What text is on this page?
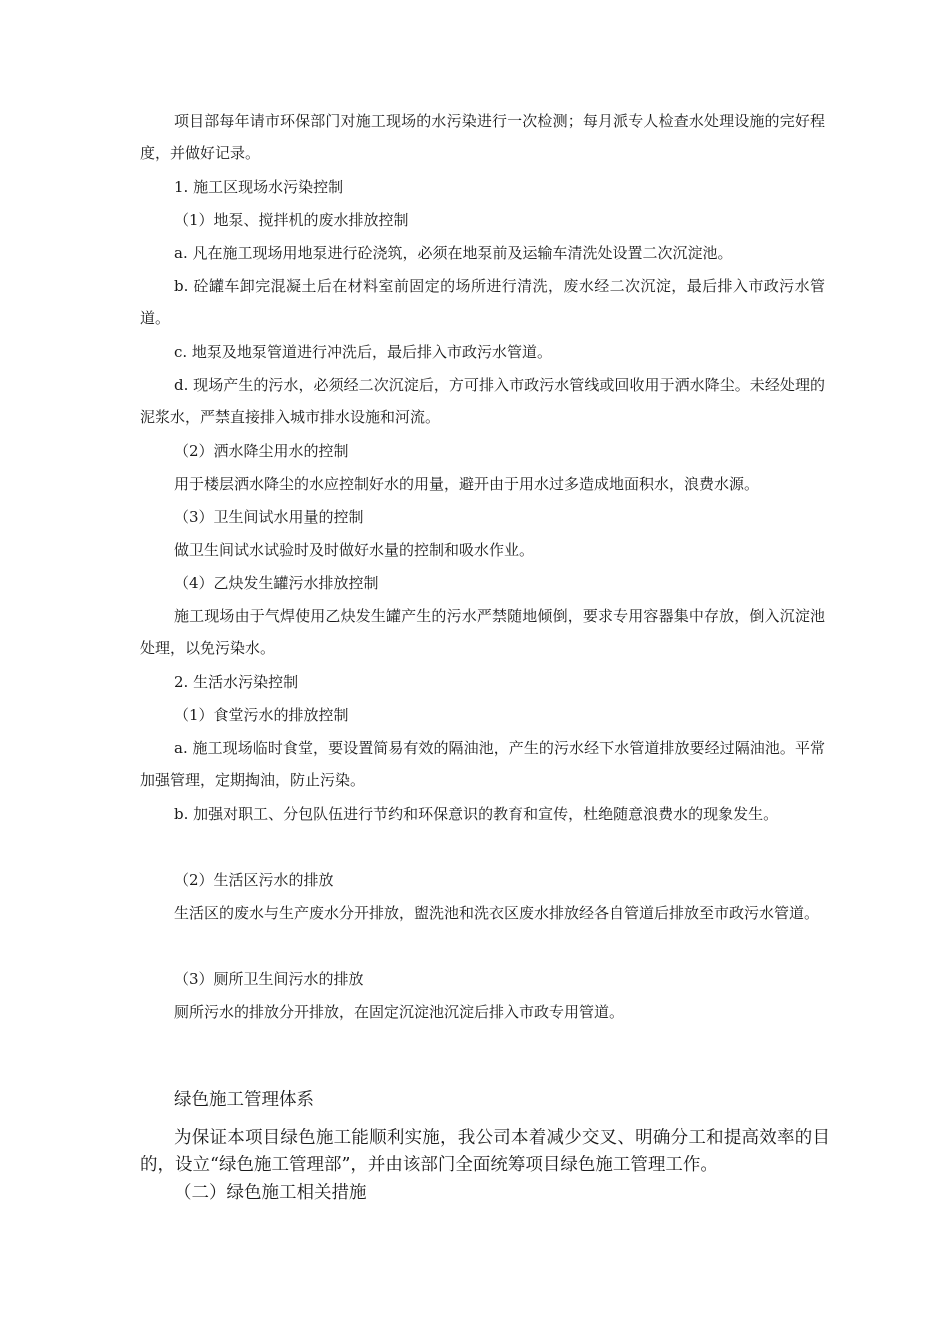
项目部每年请市环保部门对施工现场的水污染进行一次检测；每月派专人检查水处理设施的完好程度，并做好记录。

1. 施工区现场水污染控制

（1）地泵、搅拌机的废水排放控制

a. 凡在施工现场用地泵进行砼浇筑，必须在地泵前及运输车清洗处设置二次沉淀池。

b. 砼罐车卸完混凝土后在材料室前固定的场所进行清洗，废水经二次沉淀，最后排入市政污水管道。

c. 地泵及地泵管道进行冲洗后，最后排入市政污水管道。

d. 现场产生的污水，必须经二次沉淀后，方可排入市政污水管线或回收用于洒水降尘。未经处理的泥浆水，严禁直接排入城市排水设施和河流。

（2）洒水降尘用水的控制

用于楼层洒水降尘的水应控制好水的用量，避开由于用水过多造成地面积水，浪费水源。

（3）卫生间试水用量的控制

做卫生间试水试验时及时做好水量的控制和吸水作业。

（4）乙炔发生罐污水排放控制

施工现场由于气焊使用乙炔发生罐产生的污水严禁随地倾倒，要求专用容器集中存放，倒入沉淀池处理，以免污染水。

2. 生活水污染控制

（1）食堂污水的排放控制

a. 施工现场临时食堂，要设置简易有效的隔油池，产生的污水经下水管道排放要经过隔油池。平常加强管理，定期掏油，防止污染。

b. 加强对职工、分包队伍进行节约和环保意识的教育和宣传，杜绝随意浪费水的现象发生。

（2）生活区污水的排放

生活区的废水与生产废水分开排放，盥洗池和洗衣区废水排放经各自管道后排放至市政污水管道。

（3）厕所卫生间污水的排放

厕所污水的排放分开排放，在固定沉淀池沉淀后排入市政专用管道。

绿色施工管理体系

为保证本项目绿色施工能顺利实施，我公司本着减少交叉、明确分工和提高效率的目的，设立“绿色施工管理部”，并由该部门全面统筹项目绿色施工管理工作。

（二）绿色施工相关措施
